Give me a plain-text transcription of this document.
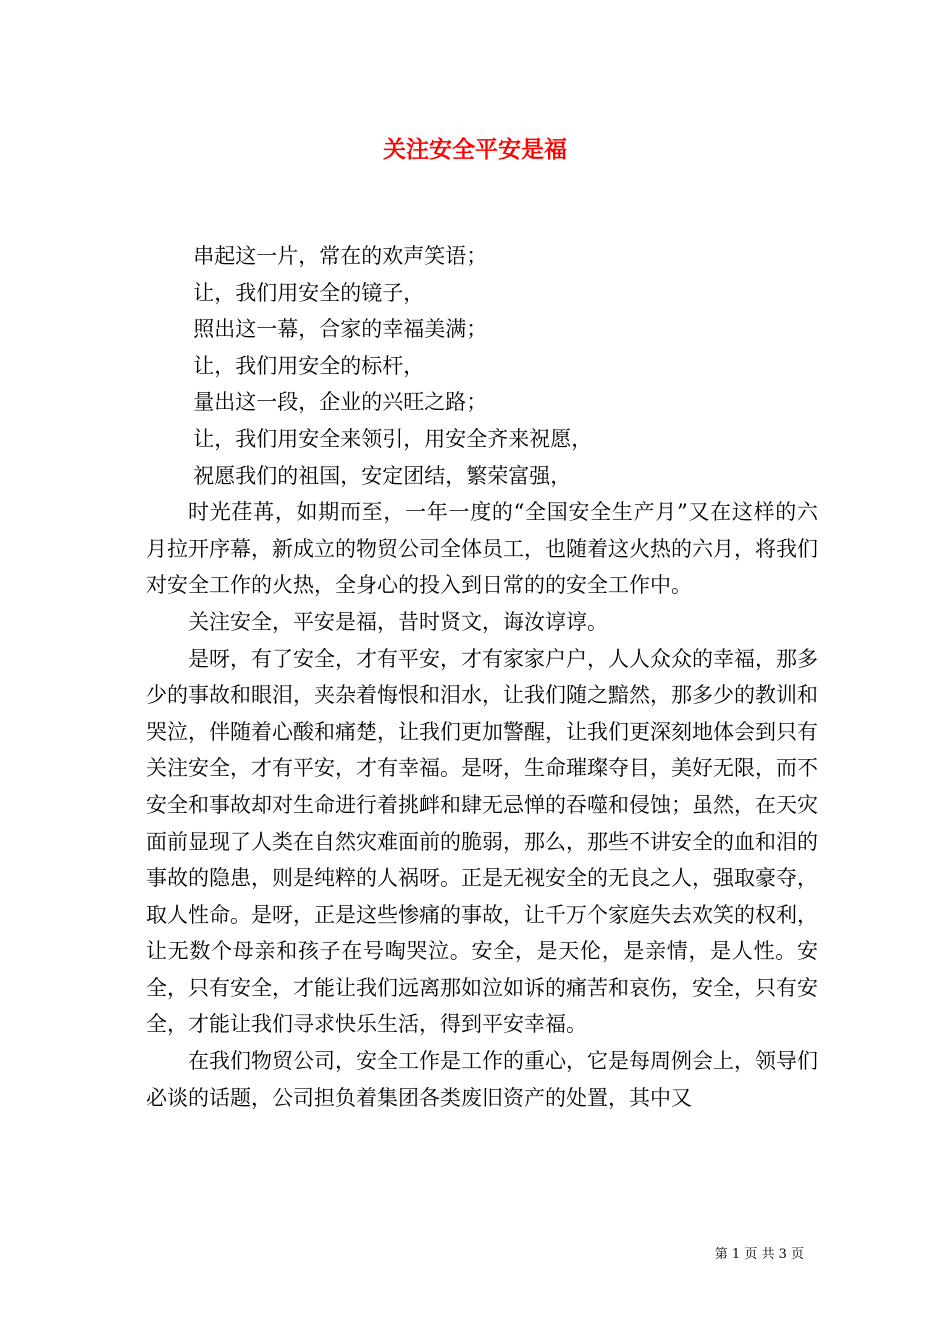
关注安全平安是福

串起这一片，常在的欢声笑语；

让，我们用安全的镜子，

照出这一幕，合家的幸福美满；

让，我们用安全的标杆，

量出这一段，企业的兴旺之路；

让，我们用安全来领引，用安全齐来祝愿，

祝愿我们的祖国，安定团结，繁荣富强，

时光荏苒，如期而至，一年一度的“全国安全生产月”又在这样的六月拉开序幕，新成立的物贸公司全体员工，也随着这火热的六月，将我们对安全工作的火热，全身心的投入到日常的的安全工作中。

关注安全，平安是福，昔时贤文，诲汝谆谆。

是呀，有了安全，才有平安，才有家家户户，人人众众的幸福，那多少的事故和眼泪，夹杂着悔恨和泪水，让我们随之黯然，那多少的教训和哭泣，伴随着心酸和痛楚，让我们更加警醒，让我们更深刻地体会到只有关注安全，才有平安，才有幸福。是呀，生命璀璨夺目，美好无限，而不安全和事故却对生命进行着挑衅和肆无忌惮的吞噬和侵蚀；虽然，在天灾面前显现了人类在自然灾难面前的脆弱，那么，那些不讲安全的血和泪的事故的隐患，则是纯粹的人祸呀。正是无视安全的无良之人，强取豪夺，取人性命。是呀，正是这些惨痛的事故，让千万个家庭失去欢笑的权利，让无数个母亲和孩子在号啕哭泣。安全，是天伦，是亲情，是人性。安全，只有安全，才能让我们远离那如泣如诉的痛苦和哀伤，安全，只有安全，才能让我们寻求快乐生活，得到平安幸福。

在我们物贸公司，安全工作是工作的重心，它是每周例会上，领导们必谈的话题，公司担负着集团各类废旧资产的处置，其中又

第 1 页 共 3 页
